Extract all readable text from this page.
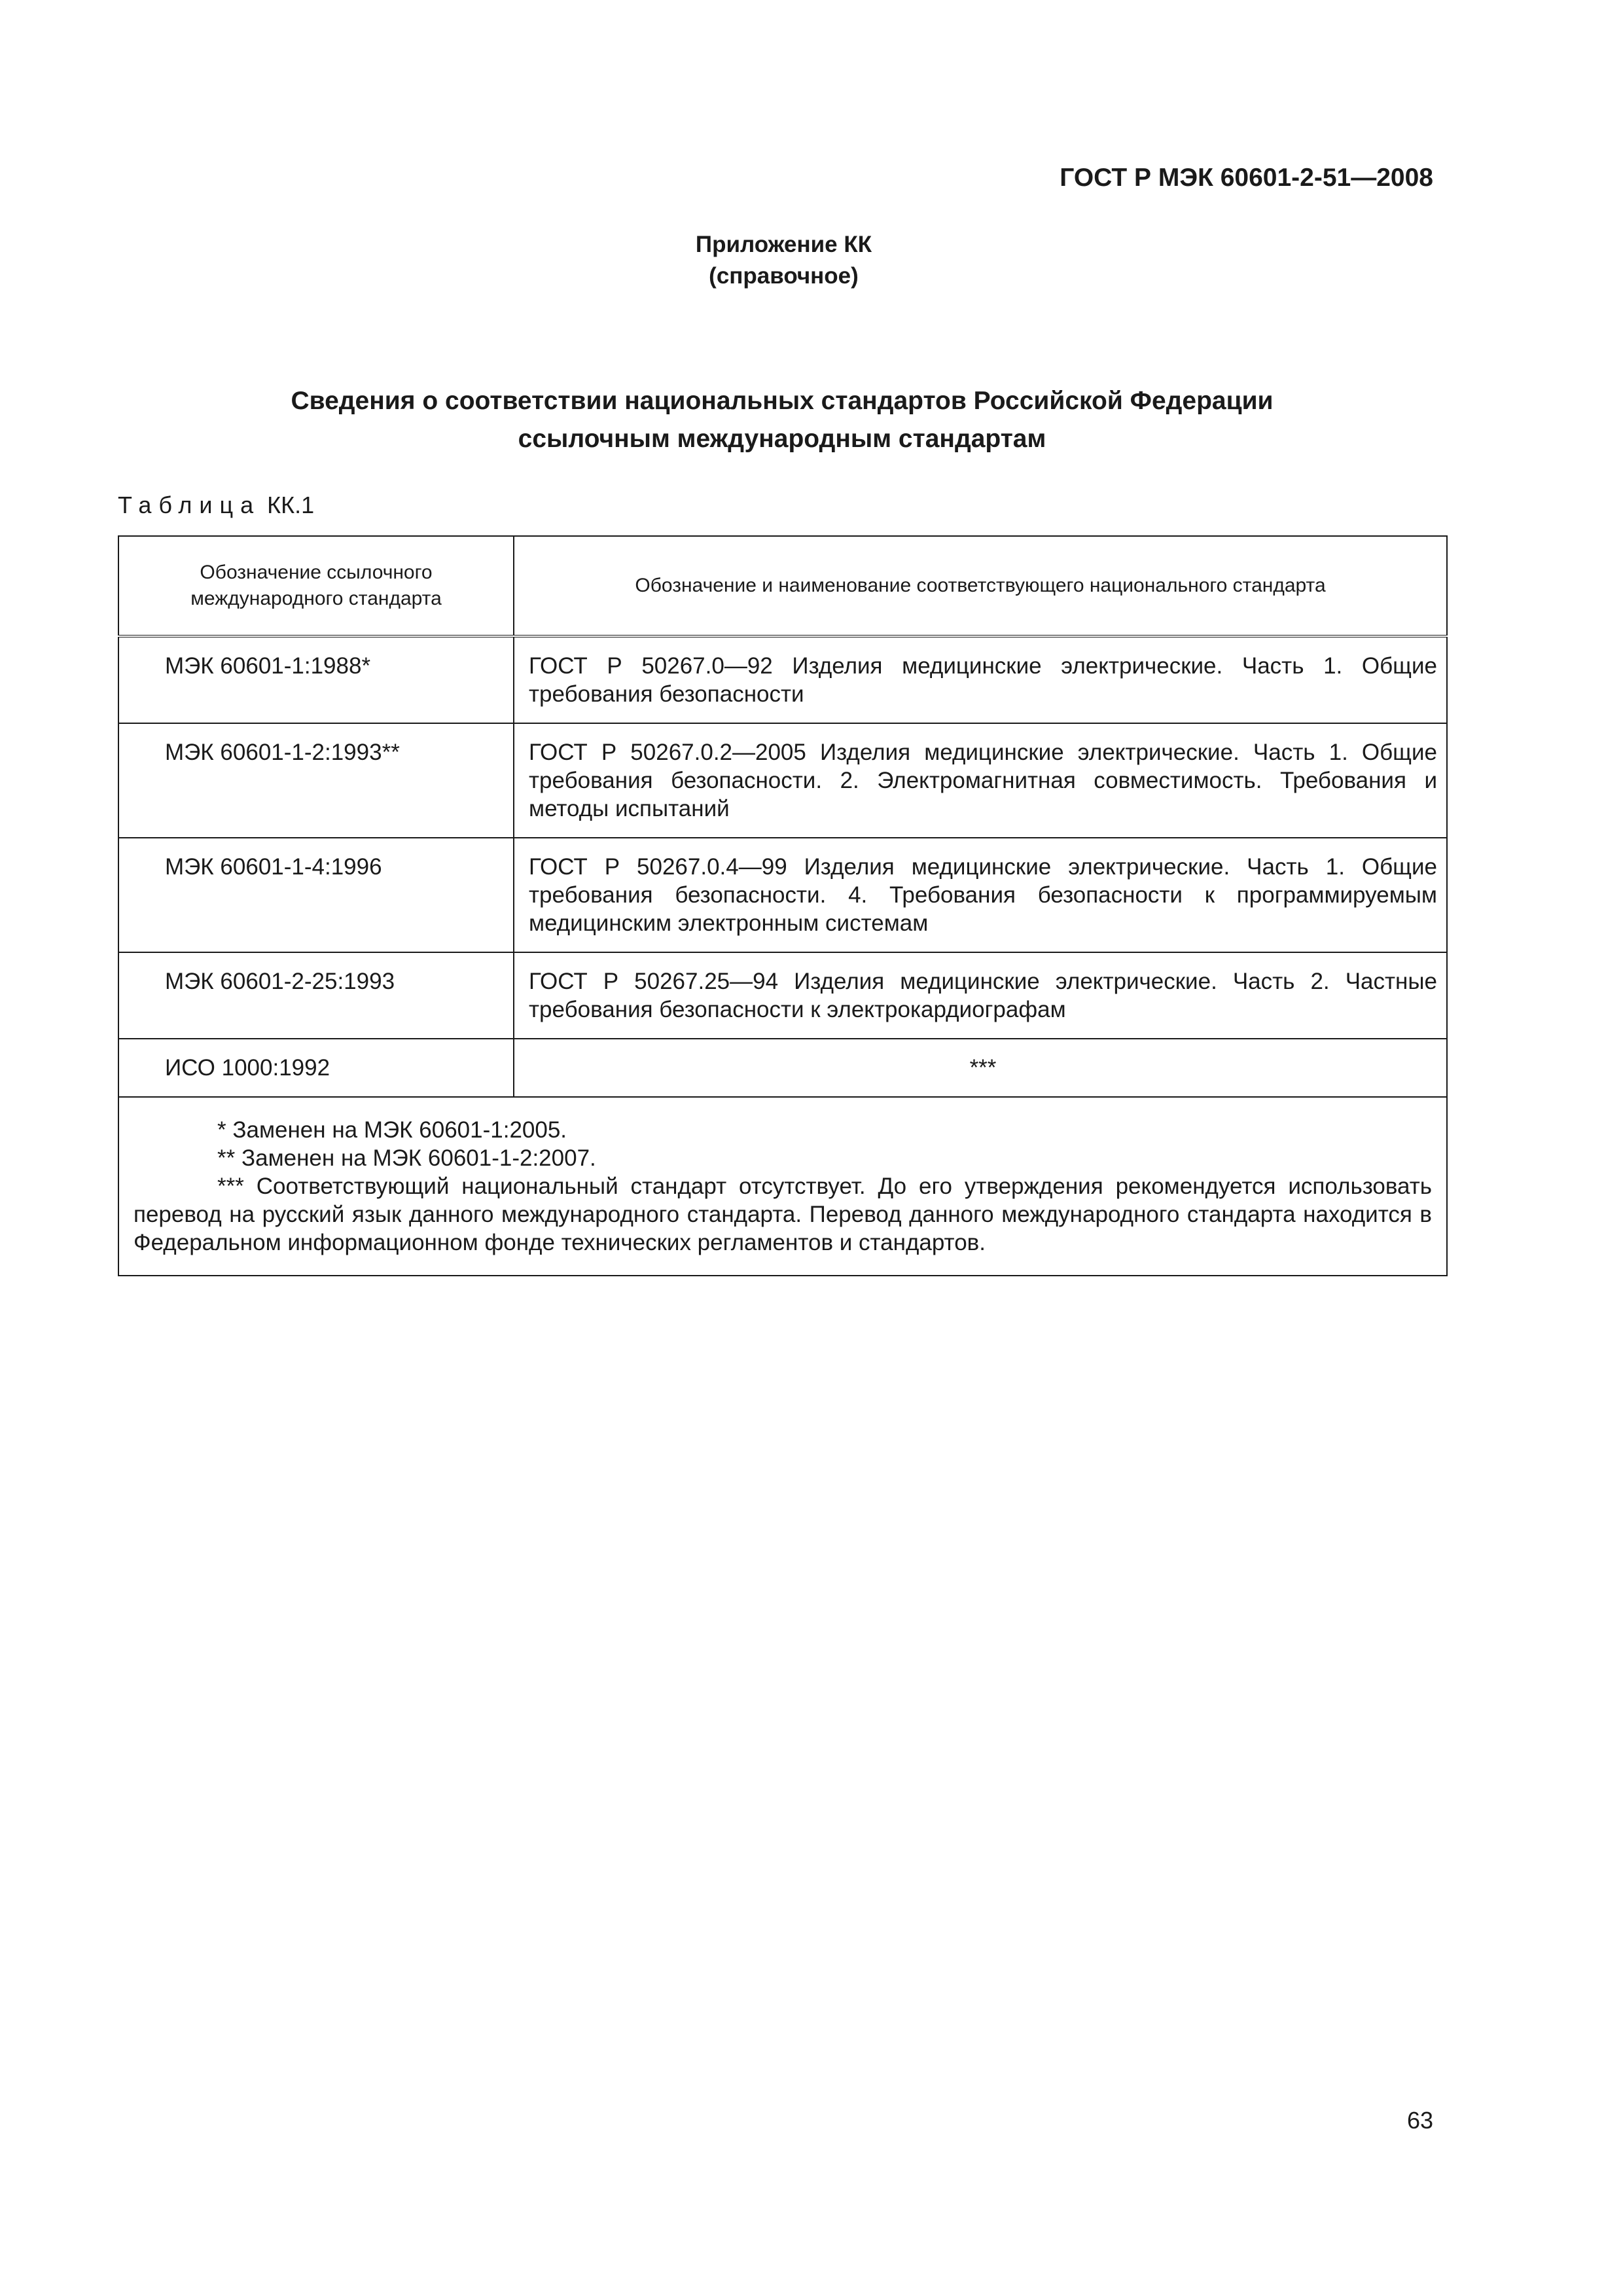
ГОСТ Р МЭК 60601-2-51—2008
Приложение КК
(справочное)
Сведения о соответствии национальных стандартов Российской Федерации
ссылочным международным стандартам
Таблица КК.1
Обозначение ссылочного международного стандарта	Обозначение и наименование соответствующего национального стандарта
МЭК 60601-1:1988*	ГОСТ Р 50267.0—92 Изделия медицинские электрические. Часть 1. Общие требования безопасности
МЭК 60601-1-2:1993**	ГОСТ Р 50267.0.2—2005 Изделия медицинские электрические. Часть 1. Общие требования безопасности. 2. Электромагнитная совместимость. Требования и методы испытаний
МЭК 60601-1-4:1996	ГОСТ Р 50267.0.4—99 Изделия медицинские электрические. Часть 1. Общие требования безопасности. 4. Требования безопасности к программируемым медицинским электронным системам
МЭК 60601-2-25:1993	ГОСТ Р 50267.25—94 Изделия медицинские электрические. Часть 2. Частные требования безопасности к электрокардиографам
ИСО 1000:1992	***

* Заменен на МЭК 60601-1:2005.

** Заменен на МЭК 60601-1-2:2007.

*** Соответствующий национальный стандарт отсутствует. До его утверждения рекомендуется использовать перевод на русский язык данного международного стандарта. Перевод данного международного стандарта находится в Федеральном информационном фонде технических регламентов и стандартов.	

63
